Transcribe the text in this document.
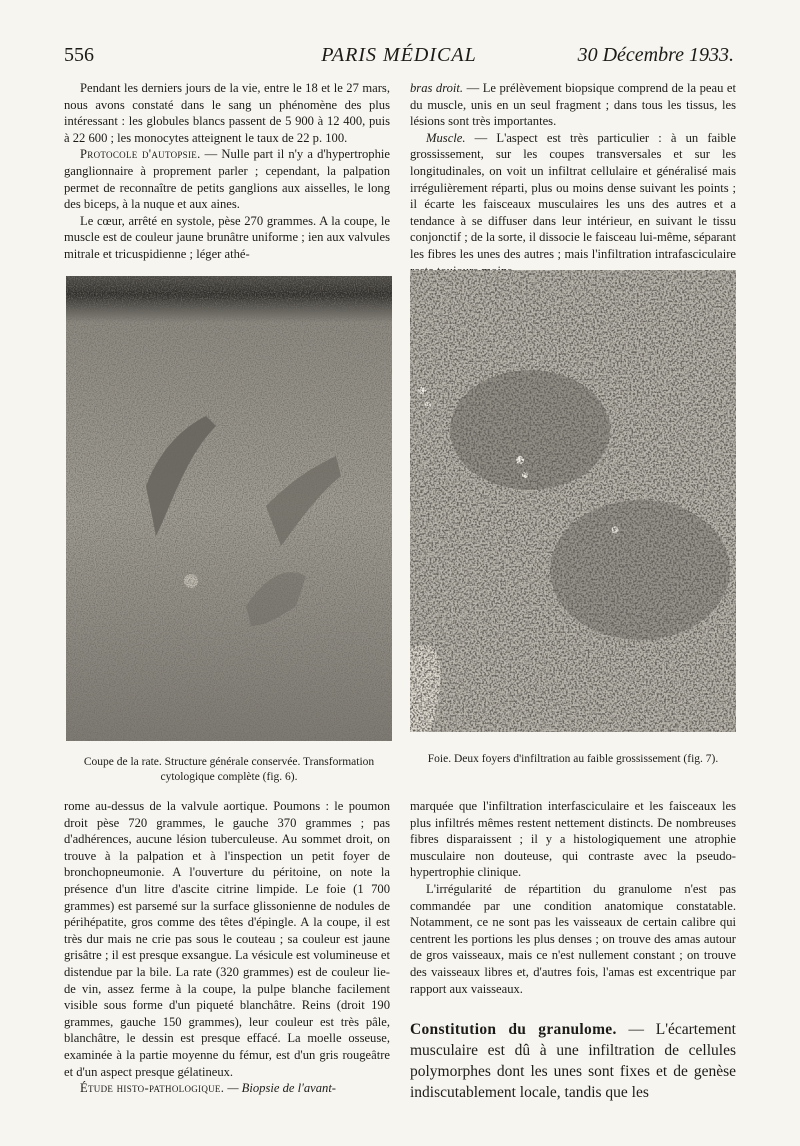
556	PARIS MÉDICAL	30 Décembre 1933.

Pendant les derniers jours de la vie, entre le 18 et le 27 mars, nous avons constaté dans le sang un phénomène des plus intéressant : les globules blancs passent de 5 900 à 12 400, puis à 22 600 ; les monocytes atteignent le taux de 22 p. 100.

Protocole d'autopsie. — Nulle part il n'y a d'hypertrophie ganglionnaire à proprement parler ; cependant, la palpation permet de reconnaître de petits ganglions aux aisselles, le long des biceps, à la nuque et aux aines.

Le cœur, arrêté en systole, pèse 270 grammes. A la coupe, le muscle est de couleur jaune brunâtre uniforme ; ien aux valvules mitrale et tricuspidienne ; léger athé-

bras droit. — Le prélèvement biopsique comprend de la peau et du muscle, unis en un seul fragment ; dans tous les tissus, les lésions sont très importantes.

Muscle. — L'aspect est très particulier : à un faible grossissement, sur les coupes transversales et sur les longitudinales, on voit un infiltrat cellulaire et généralisé mais irrégulièrement réparti, plus ou moins dense suivant les points ; il écarte les faisceaux musculaires les uns des autres et a tendance à se diffuser dans leur intérieur, en suivant le tissu conjonctif ; de la sorte, il dissocie le faisceau lui-même, séparant les fibres les unes des autres ; mais l'infiltration intrafasciculaire

Coupe de la rate. Structure générale conservée. Transformation cytologique complète (fig. 6).
Foie. Deux foyers d'infiltration au faible grossissement (fig. 7).

rome au-dessus de la valvule aortique. Poumons : le poumon droit pèse 720 grammes, le gauche 370 grammes ; pas d'adhérences, aucune lésion tuberculeuse. Au sommet droit, on trouve à la palpation et à l'inspection un petit foyer de bronchopneumonie. A l'ouverture du péritoine, on note la présence d'un litre d'ascite citrine limpide. Le foie (1 700 grammes) est parsemé sur la surface glissonienne de nodules de périhépatite, gros comme des têtes d'épingle. A la coupe, il est très dur mais ne crie pas sous le couteau ; sa couleur est jaune grisâtre ; il est presque exsangue. La vésicule est volumineuse et distendue par la bile. La rate (320 grammes) est de couleur lie-de vin, assez ferme à la coupe, la pulpe blanche facilement visible sous forme d'un piqueté blanchâtre. Reins (droit 190 grammes, gauche 150 grammes), leur couleur est très pâle, blanchâtre, le dessin est presque effacé. La moelle osseuse, examinée à la partie moyenne du fémur, est d'un gris rougeâtre et d'un aspect presque gélatineux.

Étude histo-pathologique. — Biopsie de l'avant-

marquée que l'infiltration interfasciculaire et les faisceaux les plus infiltrés mêmes restent nettement distincts. De nombreuses fibres disparaissent ; il y a histologiquement une atrophie musculaire non douteuse, qui contraste avec la pseudo-hypertrophie clinique.

L'irrégularité de répartition du granulome n'est pas commandée par une condition anatomique constatable. Notamment, ce ne sont pas les vaisseaux de certain calibre qui centrent les portions les plus denses ; on trouve des amas autour de gros vaisseaux, mais ce n'est nullement constant ; on trouve des vaisseaux libres et, d'autres fois, l'amas est excentrique par rapport aux vaisseaux.

Constitution du granulome. — L'écartement musculaire est dû à une infiltration de cellules polymorphes dont les unes sont fixes et de genèse indiscutablement locale, tandis que les
